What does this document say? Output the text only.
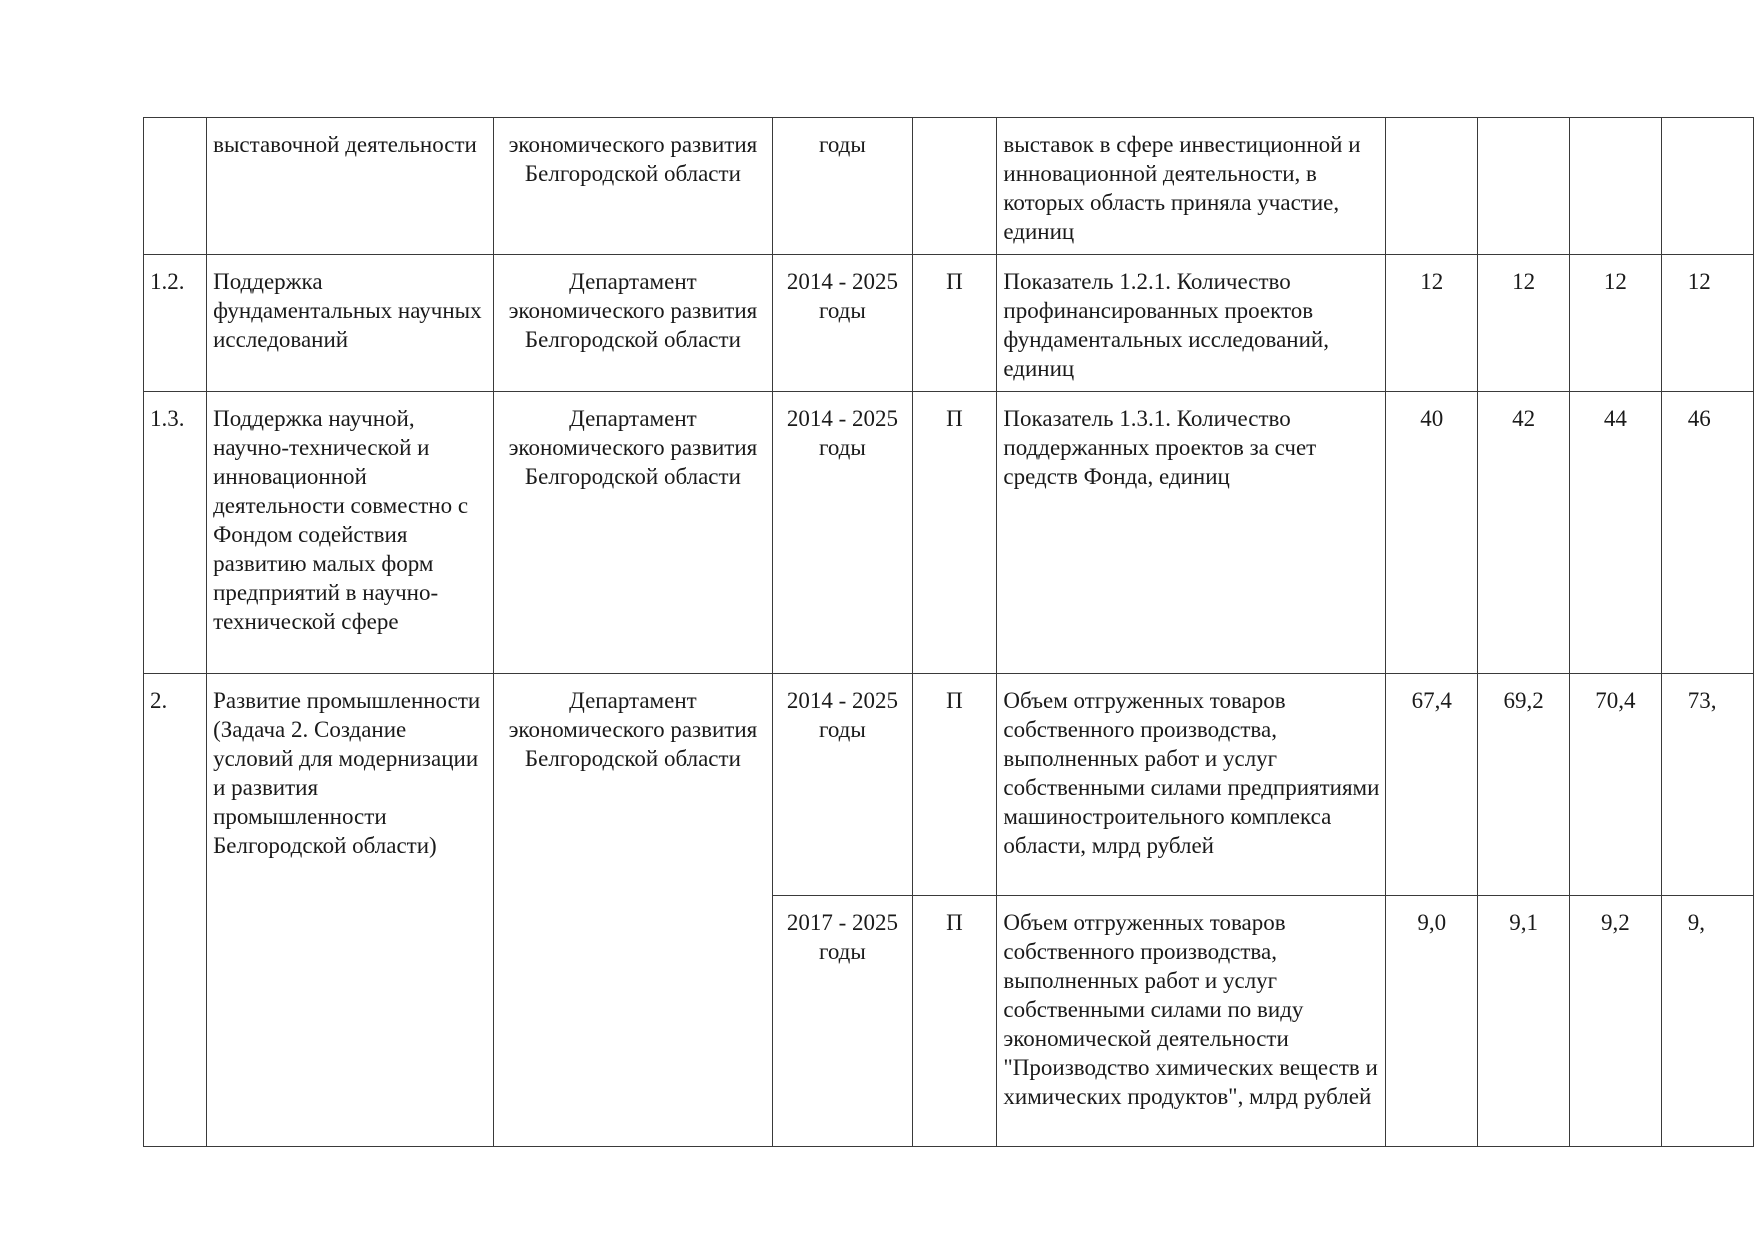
	выставочной деятельности	экономического развития Белгородской области	годы		выставок в сфере инвестиционной и инновационной деятельности, в которых область приняла участие, единиц				
1.2.	Поддержка фундаментальных научных исследований	Департамент экономического развития Белгородской области	2014 - 2025 годы	П	Показатель 1.2.1. Количество профинансированных проектов фундаментальных исследований, единиц	12	12	12	12
1.3.	Поддержка научной, научно-технической и инновационной деятельности совместно с Фондом содействия развитию малых форм предприятий в научно-технической сфере	Департамент экономического развития Белгородской области	2014 - 2025 годы	П	Показатель 1.3.1. Количество поддержанных проектов за счет средств Фонда, единиц	40	42	44	46
2.	Развитие промышленности (Задача 2. Создание условий для модернизации и развития промышленности Белгородской области)	Департамент экономического развития Белгородской области	2014 - 2025 годы	П	Объем отгруженных товаров собственного производства, выполненных работ и услуг собственными силами предприятиями машиностроительного комплекса области, млрд рублей	67,4	69,2	70,4	73,
			2017 - 2025 годы	П	Объем отгруженных товаров собственного производства, выполненных работ и услуг собственными силами по виду экономической деятельности "Производство химических веществ и химических продуктов", млрд рублей	9,0	9,1	9,2	9,
